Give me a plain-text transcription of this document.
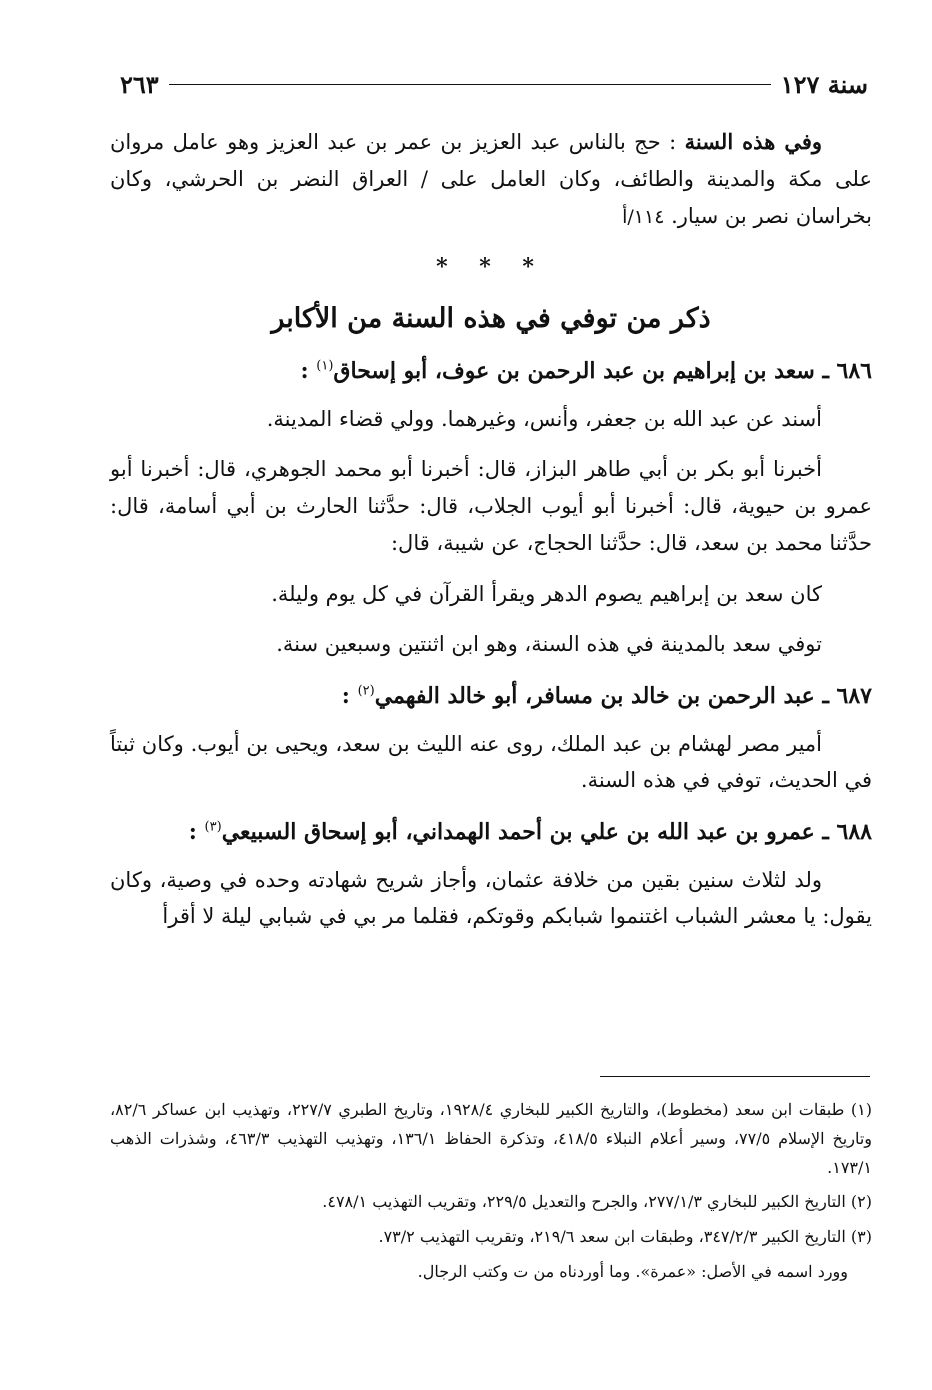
سنة ١٢٧
٢٦٣

وفي هذه السنة : حج بالناس عبد العزيز بن عمر بن عبد العزيز وهو عامل مروان على مكة والمدينة والطائف، وكان العامل على / العراق النضر بن الحرشي، وكان بخراسان نصر بن سيار. ١١٤/أ

* * *
ذكر من توفي في هذه السنة من الأكابر
٦٨٦ ـ سعد بن إبراهيم بن عبد الرحمن بن عوف، أبو إسحاق$^{(١)}$ :

أسند عن عبد الله بن جعفر، وأنس، وغيرهما. وولي قضاء المدينة.

أخبرنا أبو بكر بن أبي طاهر البزاز، قال: أخبرنا أبو محمد الجوهري، قال: أخبرنا أبو عمرو بن حيوية، قال: أخبرنا أبو أيوب الجلاب، قال: حدَّثنا الحارث بن أبي أسامة، قال: حدَّثنا محمد بن سعد، قال: حدَّثنا الحجاج، عن شيبة، قال:

كان سعد بن إبراهيم يصوم الدهر ويقرأ القرآن في كل يوم وليلة.

توفي سعد بالمدينة في هذه السنة، وهو ابن اثنتين وسبعين سنة.

٦٨٧ ـ عبد الرحمن بن خالد بن مسافر، أبو خالد الفهمي$^{(٢)}$ :

أمير مصر لهشام بن عبد الملك، روى عنه الليث بن سعد، ويحيى بن أيوب. وكان ثبتاً في الحديث، توفي في هذه السنة.

٦٨٨ ـ عمرو بن عبد الله بن علي بن أحمد الهمداني، أبو إسحاق السبيعي$^{(٣)}$ :

ولد لثلاث سنين بقين من خلافة عثمان، وأجاز شريح شهادته وحده في وصية، وكان يقول: يا معشر الشباب اغتنموا شبابكم وقوتكم، فقلما مر بي في شبابي ليلة لا أقرأ

(١) طبقات ابن سعد (مخطوط)، والتاريخ الكبير للبخاري ١٩٢٨/٤، وتاريخ الطبري ٢٢٧/٧، وتهذيب ابن عساكر ٨٢/٦، وتاريخ الإسلام ٧٧/٥، وسير أعلام النبلاء ٤١٨/٥، وتذكرة الحفاظ ١٣٦/١، وتهذيب التهذيب ٤٦٣/٣، وشذرات الذهب ١٧٣/١.

(٢) التاريخ الكبير للبخاري ٢٧٧/١/٣، والجرح والتعديل ٢٢٩/٥، وتقريب التهذيب ٤٧٨/١.

(٣) التاريخ الكبير ٣٤٧/٢/٣، وطبقات ابن سعد ٢١٩/٦، وتقريب التهذيب ٧٣/٢.

وورد اسمه في الأصل: «عمرة». وما أوردناه من ت وكتب الرجال.
